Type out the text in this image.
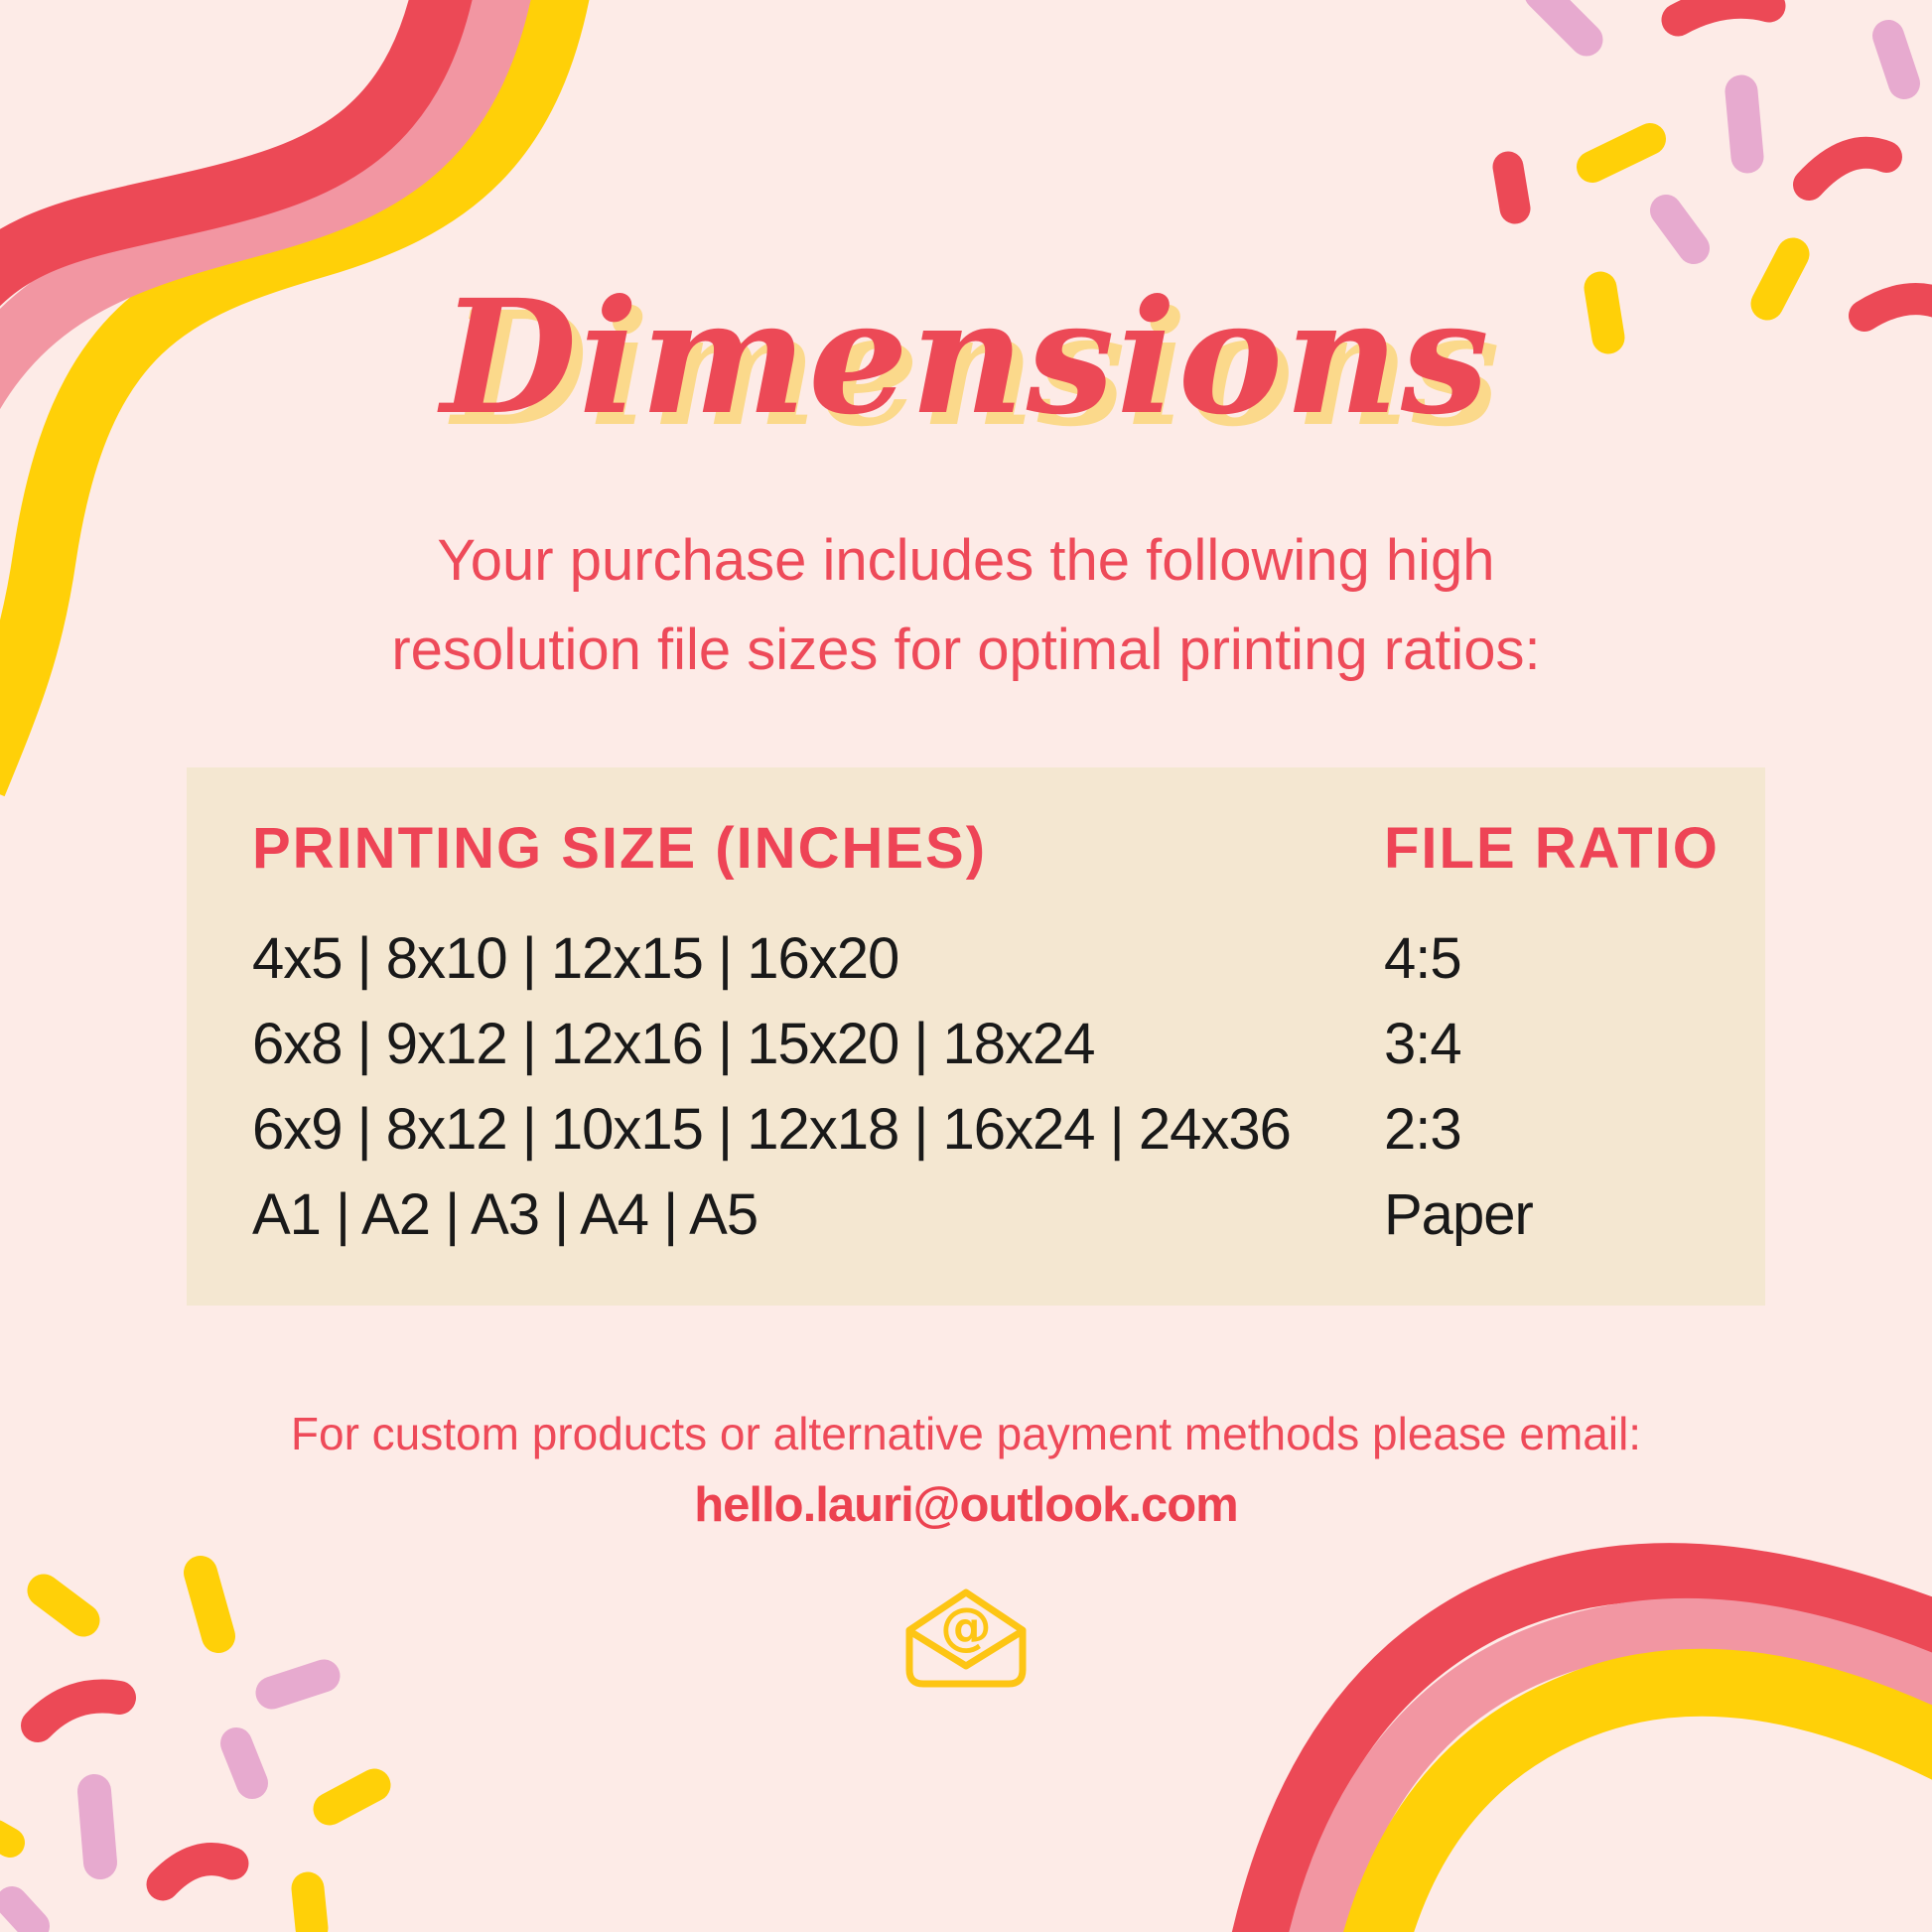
Dimensions
Your purchase includes the following high
resolution file sizes for optimal printing ratios:
PRINTING SIZE (INCHES)	FILE RATIO
4x5 | 8x10 | 12x15 | 16x20	4:5
6x8 | 9x12 | 12x16 | 15x20 | 18x24	3:4
6x9 | 8x12 | 10x15 | 12x18 | 16x24 | 24x36	2:3
A1 | A2 | A3 | A4 | A5	Paper
For custom products or alternative payment methods please email:
hello.lauri@outlook.com
@
